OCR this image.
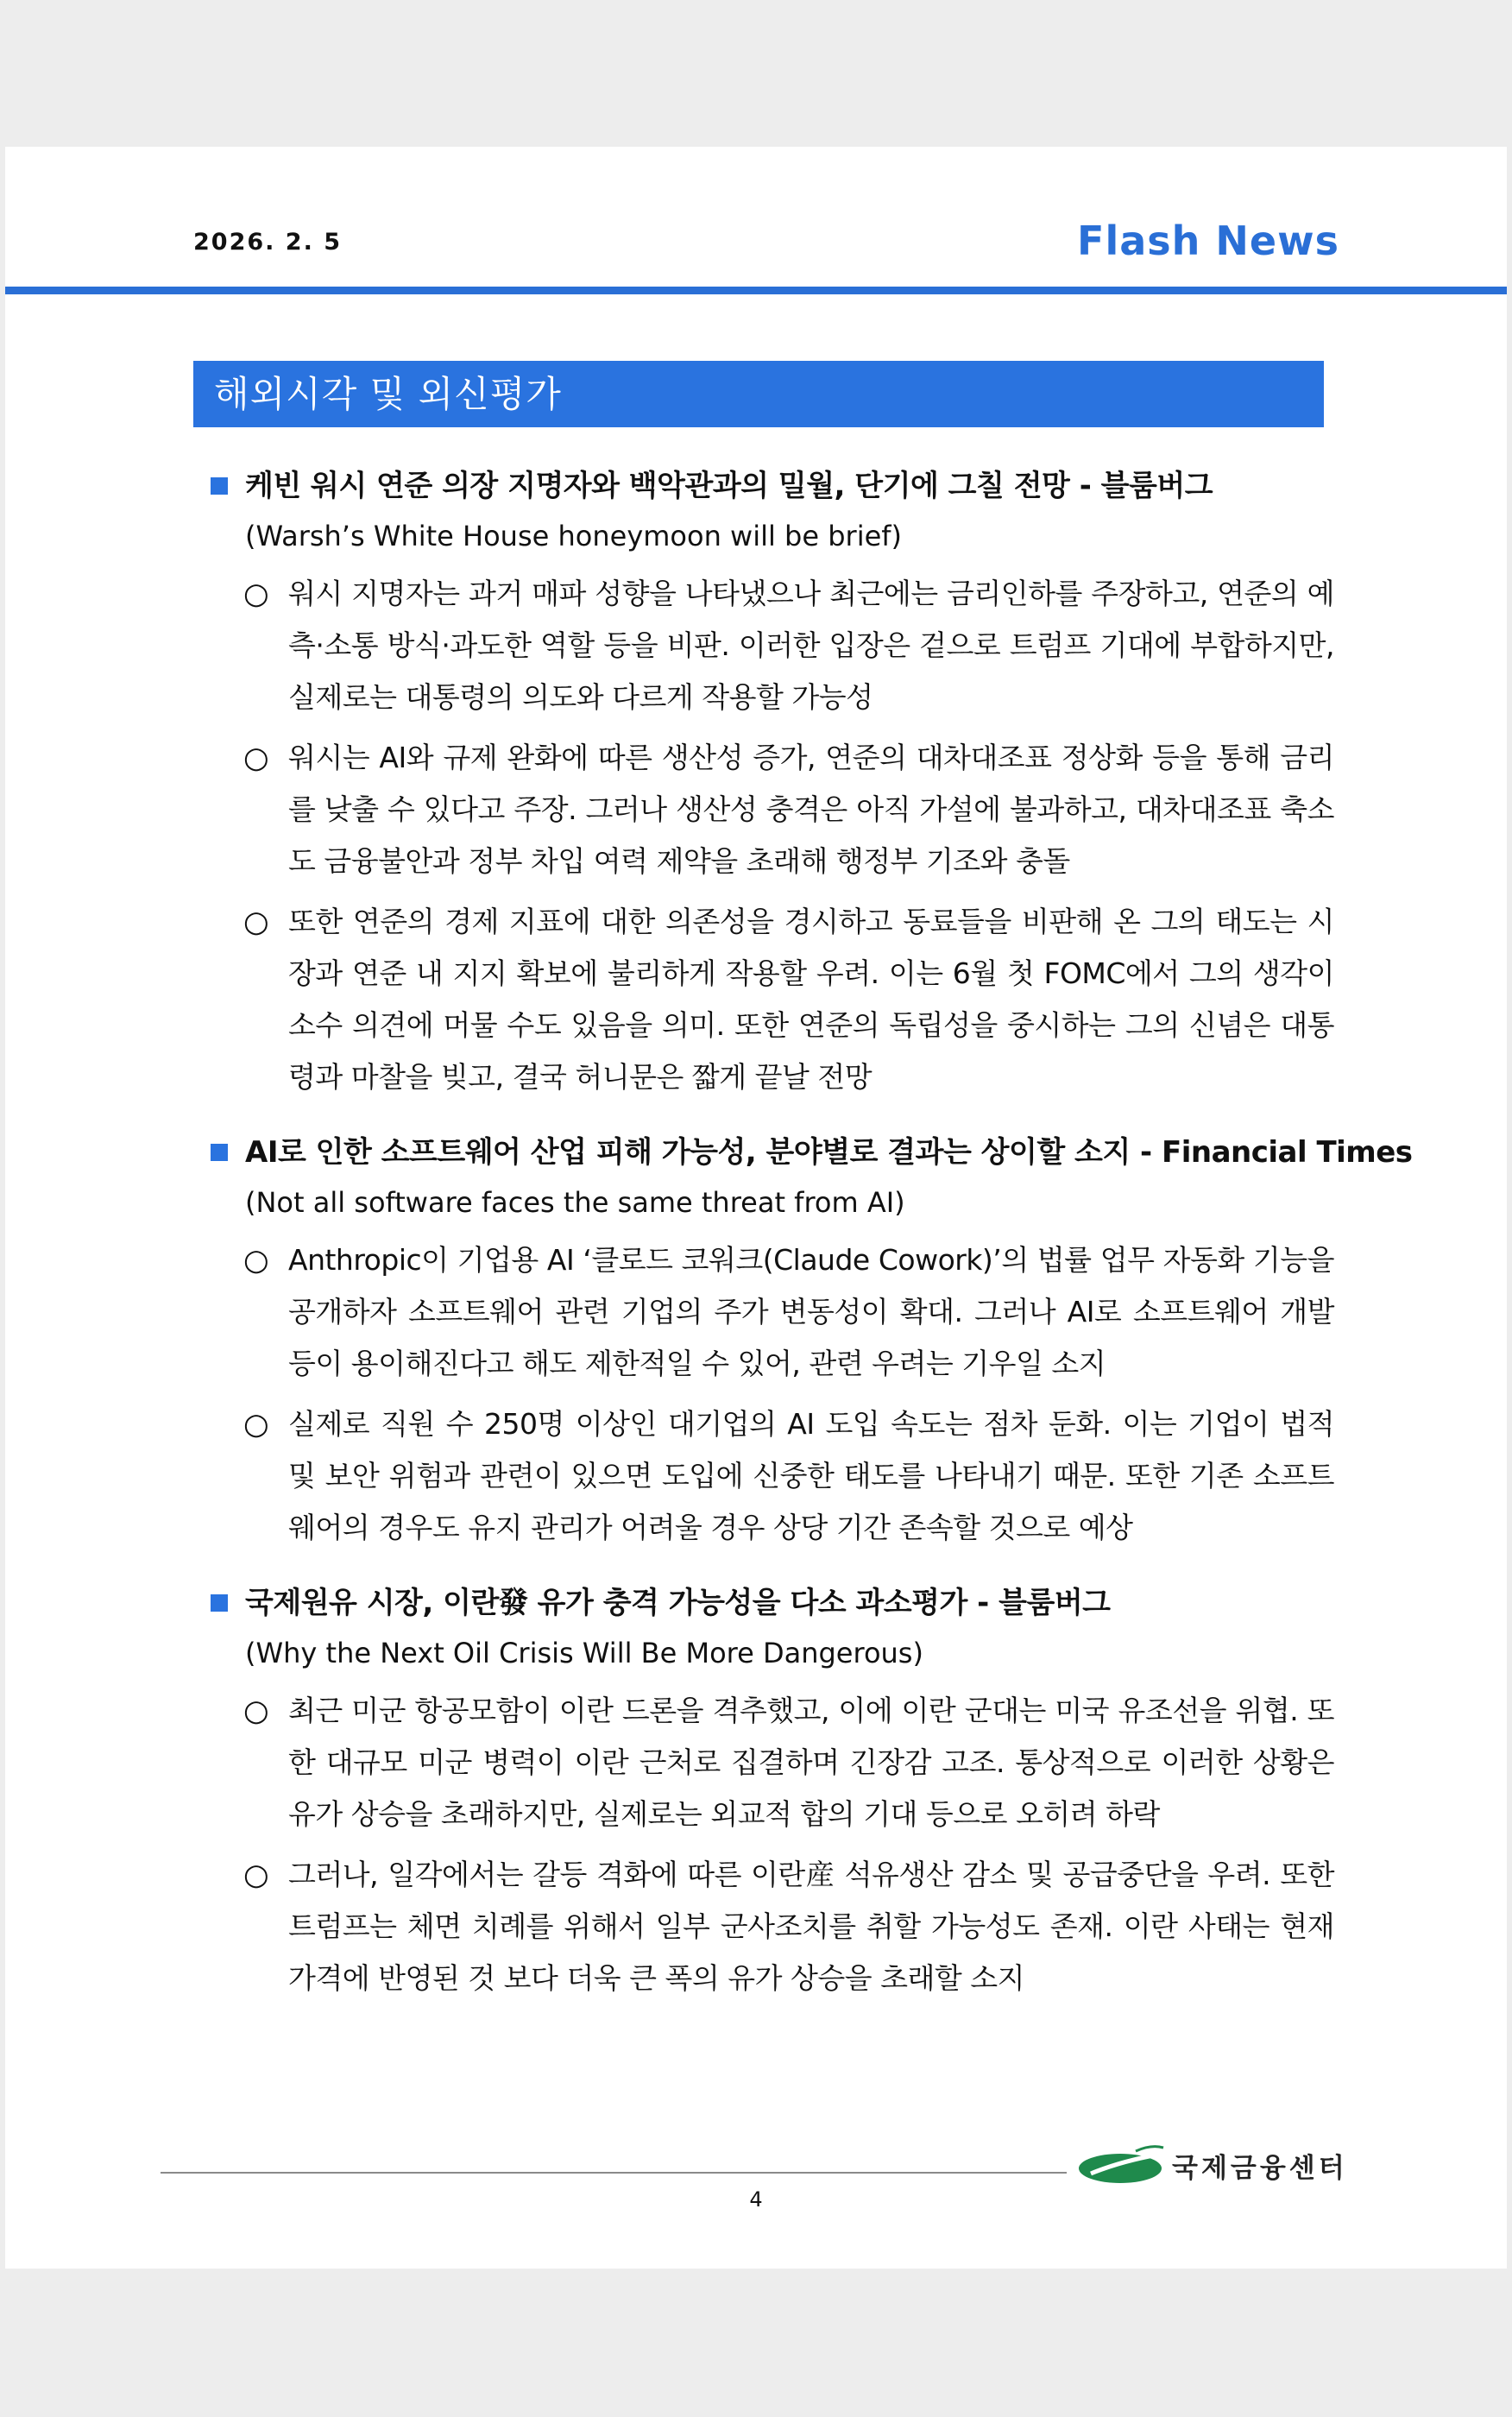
2026. 2. 5	Flash News
해외시각 및 외신평가
케빈 워시 연준 의장 지명자와 백악관과의 밀월, 단기에 그칠 전망 - 블룸버그
(Warsh’s White House honeymoon will be brief)
○ 워시 지명자는 과거 매파 성향을 나타냈으나 최근에는 금리인하를 주장하고, 연준의 예측·소통 방식·과도한 역할 등을 비판. 이러한 입장은 겉으로 트럼프 기대에 부합하지만, 실제로는 대통령의 의도와 다르게 작용할 가능성
○ 워시는 AI와 규제 완화에 따른 생산성 증가, 연준의 대차대조표 정상화 등을 통해 금리를 낮출 수 있다고 주장. 그러나 생산성 충격은 아직 가설에 불과하고, 대차대조표 축소도 금융불안과 정부 차입 여력 제약을 초래해 행정부 기조와 충돌
○ 또한 연준의 경제 지표에 대한 의존성을 경시하고 동료들을 비판해 온 그의 태도는 시장과 연준 내 지지 확보에 불리하게 작용할 우려. 이는 6월 첫 FOMC에서 그의 생각이 소수 의견에 머물 수도 있음을 의미. 또한 연준의 독립성을 중시하는 그의 신념은 대통령과 마찰을 빚고, 결국 허니문은 짧게 끝날 전망
AI로 인한 소프트웨어 산업 피해 가능성, 분야별로 결과는 상이할 소지 - Financial Times
(Not all software faces the same threat from AI)
○ Anthropic이 기업용 AI ‘클로드 코워크(Claude Cowork)’의 법률 업무 자동화 기능을 공개하자 소프트웨어 관련 기업의 주가 변동성이 확대. 그러나 AI로 소프트웨어 개발 등이 용이해진다고 해도 제한적일 수 있어, 관련 우려는 기우일 소지
○ 실제로 직원 수 250명 이상인 대기업의 AI 도입 속도는 점차 둔화. 이는 기업이 법적 및 보안 위험과 관련이 있으면 도입에 신중한 태도를 나타내기 때문. 또한 기존 소프트웨어의 경우도 유지 관리가 어려울 경우 상당 기간 존속할 것으로 예상
국제원유 시장, 이란發 유가 충격 가능성을 다소 과소평가 - 블룸버그
(Why the Next Oil Crisis Will Be More Dangerous)
○ 최근 미군 항공모함이 이란 드론을 격추했고, 이에 이란 군대는 미국 유조선을 위협. 또한 대규모 미군 병력이 이란 근처로 집결하며 긴장감 고조. 통상적으로 이러한 상황은 유가 상승을 초래하지만, 실제로는 외교적 합의 기대 등으로 오히려 하락
○ 그러나, 일각에서는 갈등 격화에 따른 이란産 석유생산 감소 및 공급중단을 우려. 또한 트럼프는 체면 치례를 위해서 일부 군사조치를 취할 가능성도 존재. 이란 사태는 현재 가격에 반영된 것 보다 더욱 큰 폭의 유가 상승을 초래할 소지
4
국제금융센터
